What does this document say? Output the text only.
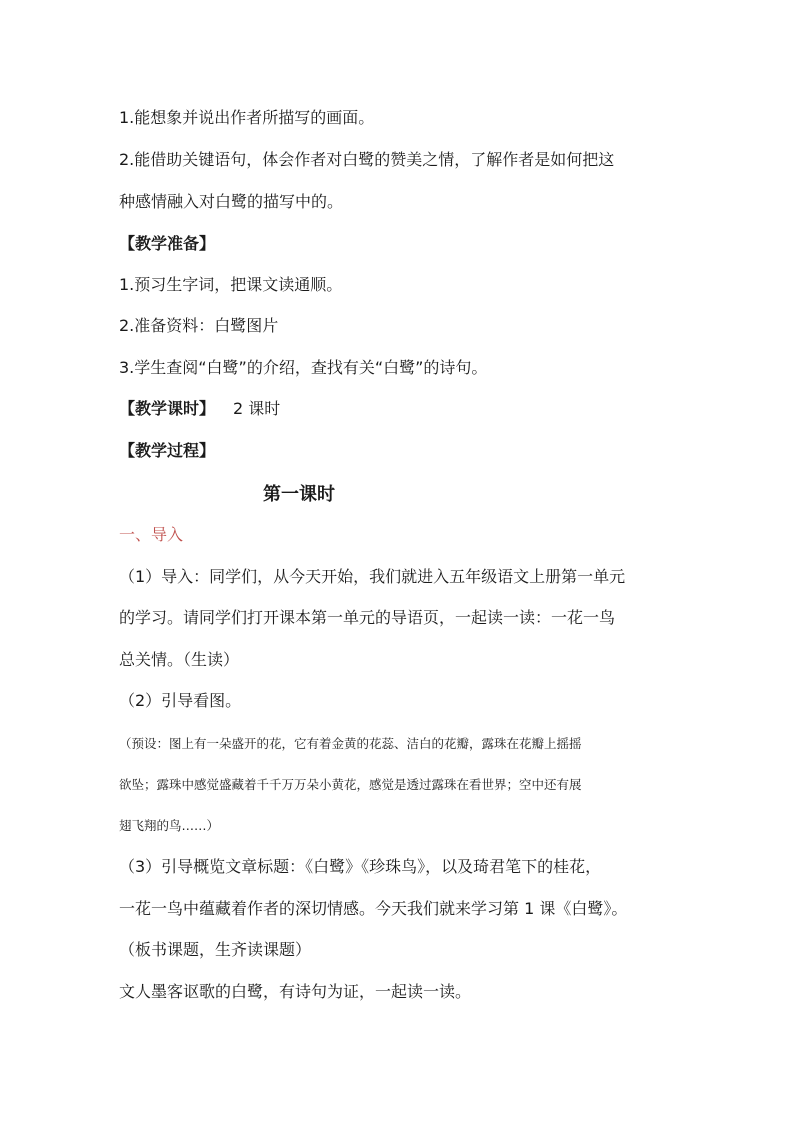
1.能想象并说出作者所描写的画面。
2.能借助关键语句，体会作者对白鹭的赞美之情，了解作者是如何把这
种感情融入对白鹭的描写中的。
【教学准备】
1.预习生字词，把课文读通顺。
2.准备资料：白鹭图片
3.学生查阅“白鹭”的介绍，查找有关“白鹭”的诗句。
【教学课时】 2 课时
【教学过程】
第一课时
一、导入
（1）导入：同学们，从今天开始，我们就进入五年级语文上册第一单元
的学习。请同学们打开课本第一单元的导语页，一起读一读：一花一鸟
总关情。（生读）
（2）引导看图。
（预设：图上有一朵盛开的花，它有着金黄的花蕊、洁白的花瓣，露珠在花瓣上摇摇
欲坠；露珠中感觉盛藏着千千万万朵小黄花，感觉是透过露珠在看世界；空中还有展
翅飞翔的鸟……）
（3）引导概览文章标题：《白鹭》《珍珠鸟》，以及琦君笔下的桂花，
一花一鸟中蕴藏着作者的深切情感。今天我们就来学习第 1 课《白鹭》。
（板书课题，生齐读课题）
文人墨客讴歌的白鹭，有诗句为证，一起读一读。
